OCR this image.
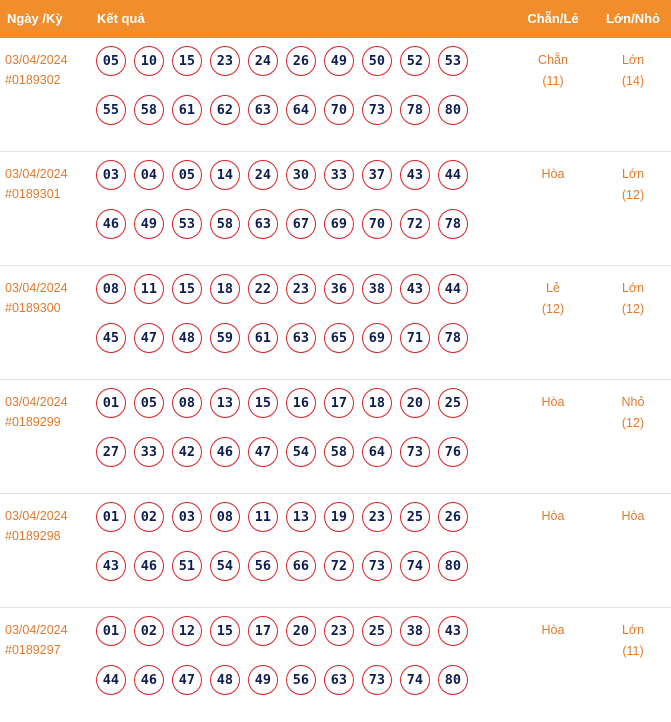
Ngày /Kỳ	Kết quả	Chẵn/Lẻ	Lớn/Nhỏ
03/04/2024
#0189302
05	10	15	23	24	26	49	50	52	53
55	58	61	62	63	64	70	73	78	80
Chẵn
(11)
Lớn
(14)
03/04/2024
#0189301
03	04	05	14	24	30	33	37	43	44
46	49	53	58	63	67	69	70	72	78
Hòa	Lớn
(12)
03/04/2024
#0189300
08	11	15	18	22	23	36	38	43	44
45	47	48	59	61	63	65	69	71	78
Lẻ
(12)
Lớn
(12)
03/04/2024
#0189299
01	05	08	13	15	16	17	18	20	25
27	33	42	46	47	54	58	64	73	76
Hòa	Nhỏ
(12)
03/04/2024
#0189298
01	02	03	08	11	13	19	23	25	26
43	46	51	54	56	66	72	73	74	80
Hòa	Hòa
03/04/2024
#0189297
01	02	12	15	17	20	23	25	38	43
44	46	47	48	49	56	63	73	74	80
Hòa	Lớn
(11)
